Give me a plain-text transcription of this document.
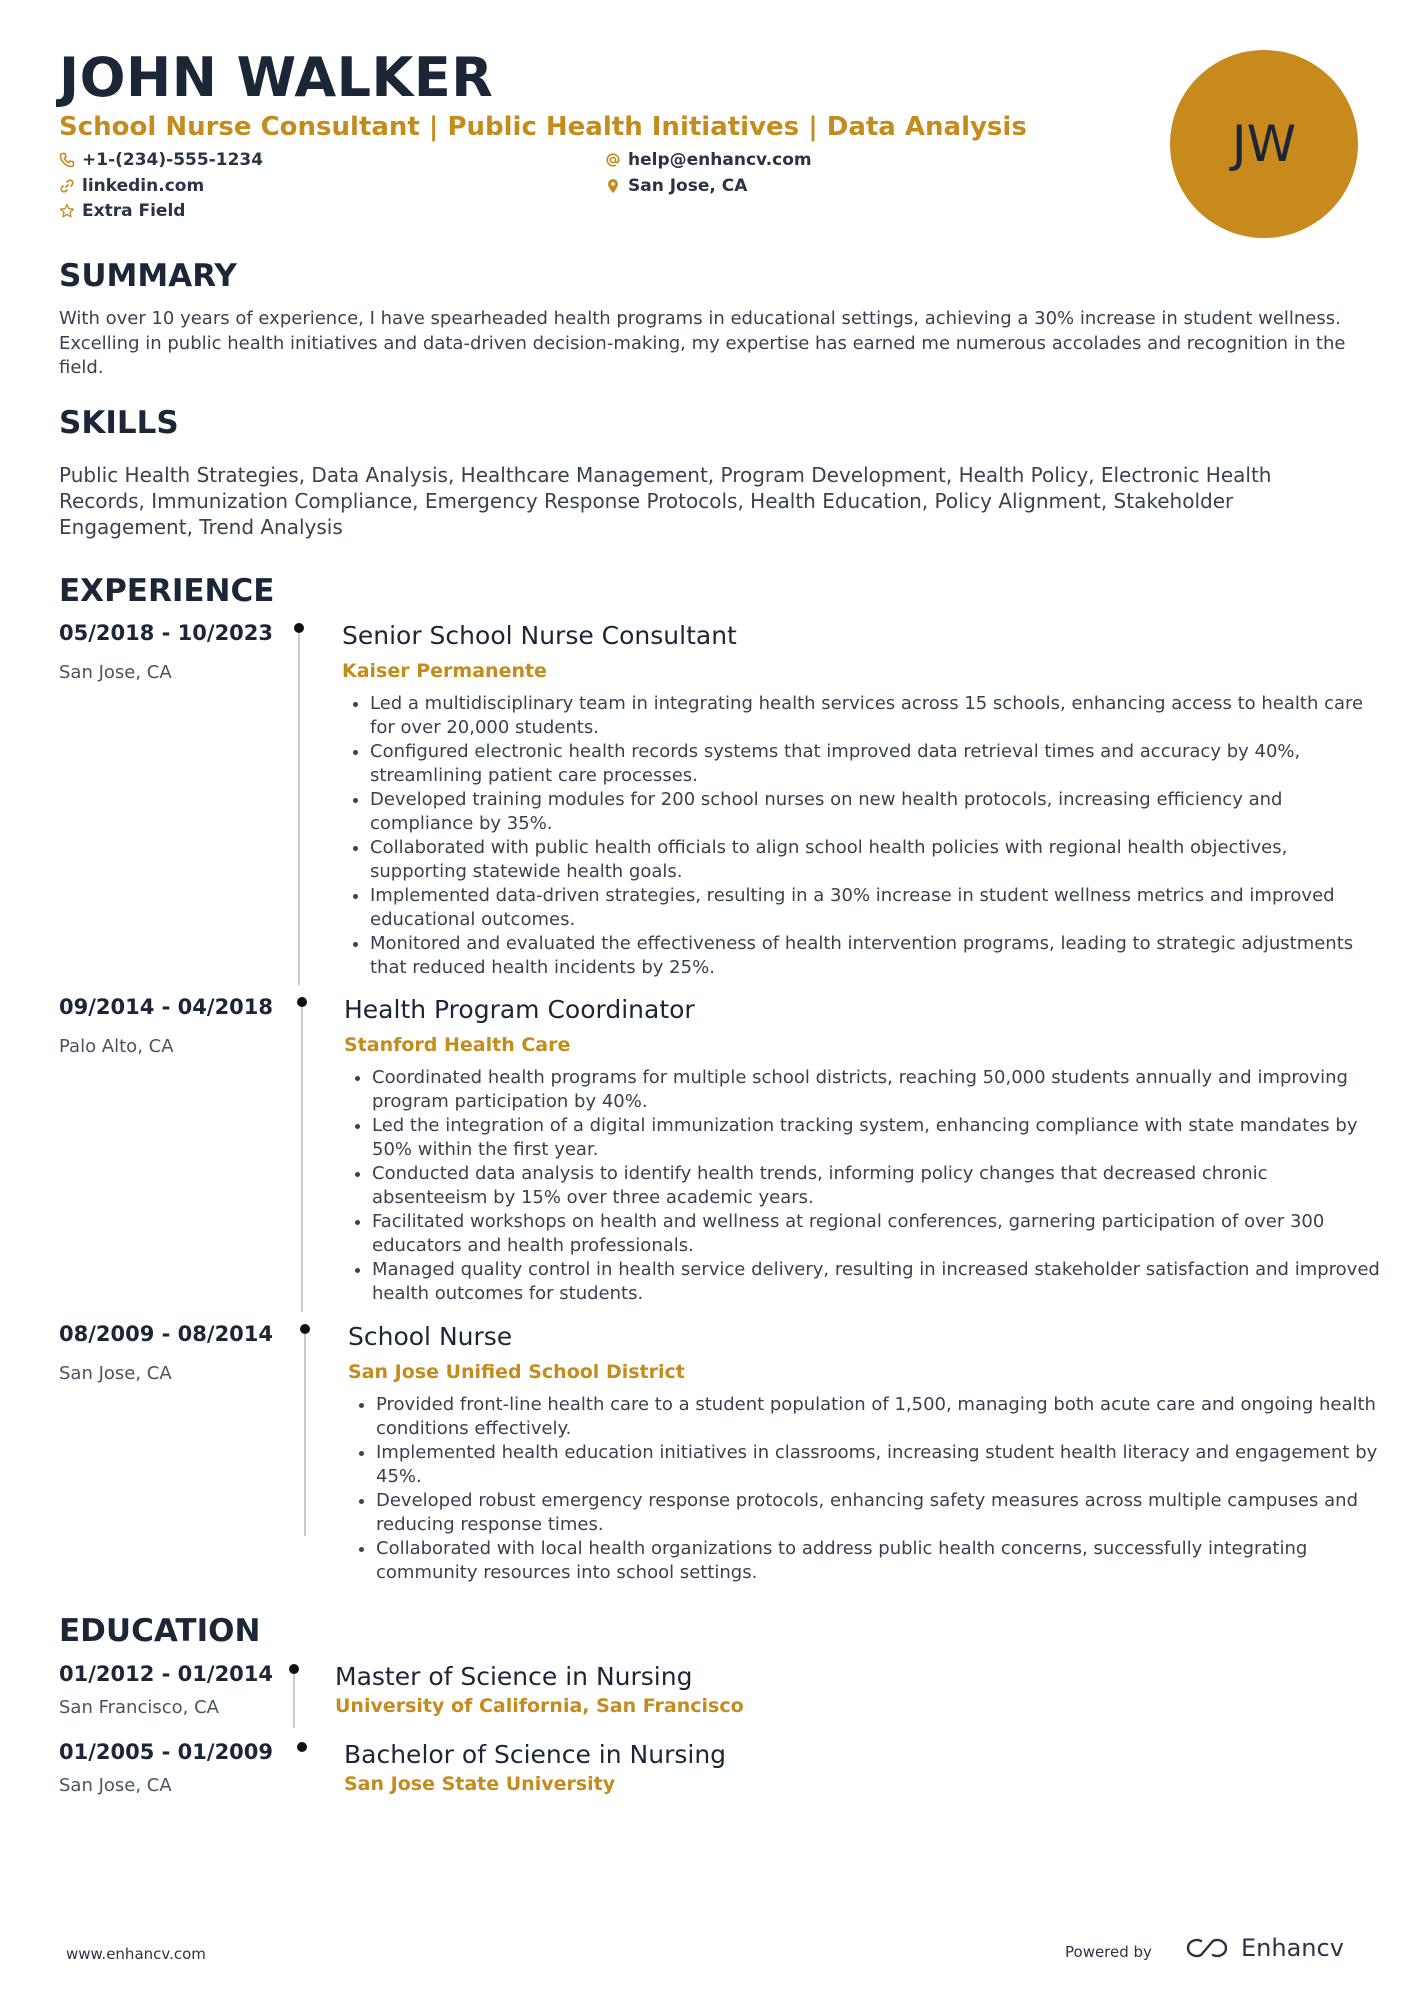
JOHN WALKER
School Nurse Consultant | Public Health Initiatives | Data Analysis
+1-(234)-555-1234	help@enhancv.com
linkedin.com	San Jose, CA
Extra Field
JW
SUMMARY
With over 10 years of experience, I have spearheaded health programs in educational settings, achieving a 30% increase in student wellness. Excelling in public health initiatives and data-driven decision-making, my expertise has earned me numerous accolades and recognition in the field.
SKILLS
Public Health Strategies, Data Analysis, Healthcare Management, Program Development, Health Policy, Electronic Health Records, Immunization Compliance, Emergency Response Protocols, Health Education, Policy Alignment, Stakeholder Engagement, Trend Analysis
EXPERIENCE
05/2018 - 10/2023
San Jose, CA
Senior School Nurse Consultant
Kaiser Permanente
• Led a multidisciplinary team in integrating health services across 15 schools, enhancing access to health care for over 20,000 students.
• Configured electronic health records systems that improved data retrieval times and accuracy by 40%, streamlining patient care processes.
• Developed training modules for 200 school nurses on new health protocols, increasing efficiency and compliance by 35%.
• Collaborated with public health officials to align school health policies with regional health objectives, supporting statewide health goals.
• Implemented data-driven strategies, resulting in a 30% increase in student wellness metrics and improved educational outcomes.
• Monitored and evaluated the effectiveness of health intervention programs, leading to strategic adjustments that reduced health incidents by 25%.
09/2014 - 04/2018
Palo Alto, CA
Health Program Coordinator
Stanford Health Care
• Coordinated health programs for multiple school districts, reaching 50,000 students annually and improving program participation by 40%.
• Led the integration of a digital immunization tracking system, enhancing compliance with state mandates by 50% within the first year.
• Conducted data analysis to identify health trends, informing policy changes that decreased chronic absenteeism by 15% over three academic years.
• Facilitated workshops on health and wellness at regional conferences, garnering participation of over 300 educators and health professionals.
• Managed quality control in health service delivery, resulting in increased stakeholder satisfaction and improved health outcomes for students.
08/2009 - 08/2014
San Jose, CA
School Nurse
San Jose Unified School District
• Provided front-line health care to a student population of 1,500, managing both acute care and ongoing health conditions effectively.
• Implemented health education initiatives in classrooms, increasing student health literacy and engagement by 45%.
• Developed robust emergency response protocols, enhancing safety measures across multiple campuses and reducing response times.
• Collaborated with local health organizations to address public health concerns, successfully integrating community resources into school settings.
EDUCATION
01/2012 - 01/2014
San Francisco, CA
Master of Science in Nursing
University of California, San Francisco
01/2005 - 01/2009
San Jose, CA
Bachelor of Science in Nursing
San Jose State University
www.enhancv.com	Powered by	Enhancv
